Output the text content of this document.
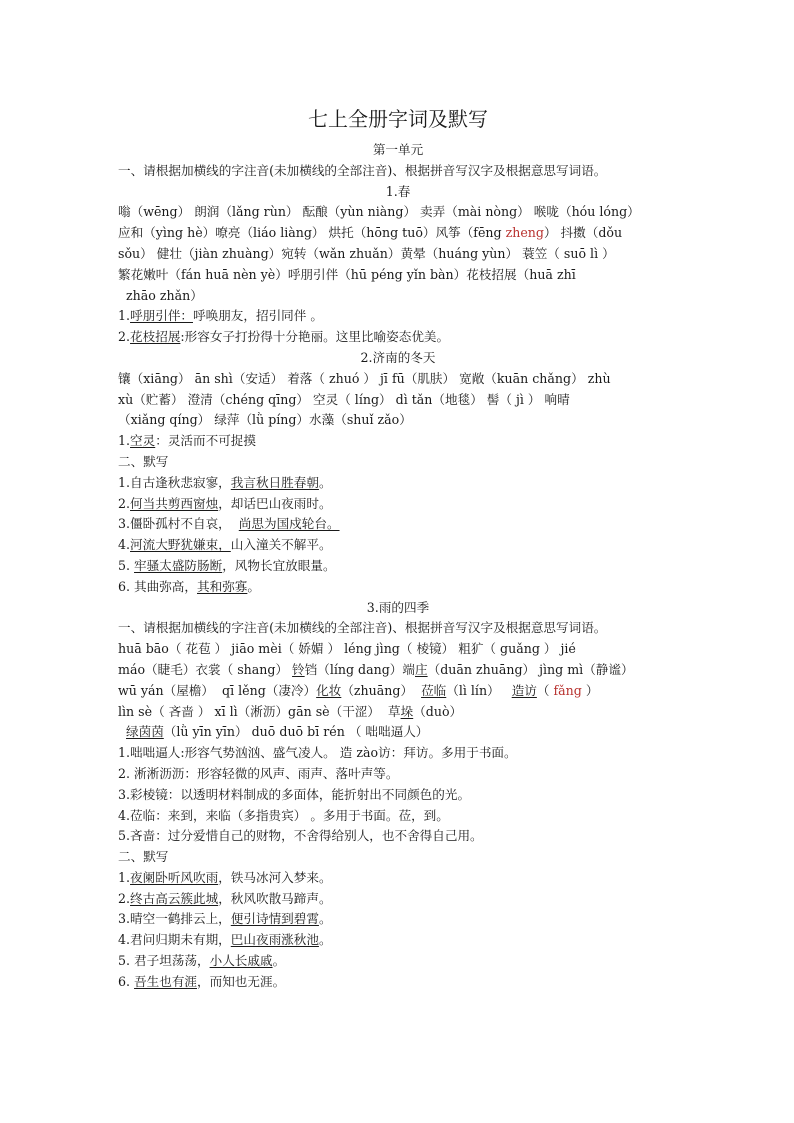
七上全册字词及默写

第一单元

一、请根据加横线的字注音(未加横线的全部注音)、根据拼音写汉字及根据意思写词语。

1.春

嗡（wēng） 朗润（lǎng rùn） 酝酿（yùn niàng） 卖弄（mài nòng） 喉咙（hóu lóng）

应和（yìng hè）嘹亮（liáo liàng） 烘托（hōng tuō）风筝（fēng zheng） 抖擞（dǒu

sǒu） 健壮（jiàn zhuàng）宛转（wǎn zhuǎn）黄晕（huáng yùn） 蓑笠（ suō lì ）

繁花嫩叶（fán huā nèn yè）呼朋引伴（hū péng yǐn bàn）花枝招展（huā zhī

zhāo zhǎn）

1.呼朋引伴：呼唤朋友，招引同伴 。

2.花枝招展:形容女子打扮得十分艳丽。这里比喻姿态优美。

2.济南的冬天

镶（xiāng） ān shì（安适） 着落（ zhuó ） jī fū（肌肤） 宽敞（kuān chǎng） zhù

xù（贮蓄） 澄清（chéng qīng） 空灵（ líng） dì tǎn（地毯） 髻（ jì ） 响晴

（xiǎng qíng） 绿萍（lǜ píng）水藻（shuǐ zǎo）

1.空灵：灵活而不可捉摸

二、默写

1.自古逢秋悲寂寥，我言秋日胜春朝。

2.何当共剪西窗烛，却话巴山夜雨时。

3.僵卧孤村不自哀，  尚思为国戍轮台。

4.河流大野犹嫌束，山入潼关不解平。

5. 牢骚太盛防肠断，风物长宜放眼量。

6. 其曲弥高，其和弥寡。

3.雨的四季

一、请根据加横线的字注音(未加横线的全部注音)、根据拼音写汉字及根据意思写词语。

huā bāo（ 花苞 ） jiāo mèi（ 娇媚 ） léng jìng（ 棱镜） 粗犷（ guǎng ） jié

máo（睫毛）衣裳（ shang） 铃铛（líng dang）端庄（duān zhuāng） jìng mì（静谧）

wū yán（屋檐）  qī lěng（凄冷）化妆（zhuāng）  莅临（lì lín）   造访（ fǎng ）

lìn sè（ 吝啬 ） xī lì（淅沥）gān sè（干涩）  草垛（duò）

绿茵茵（lǜ yīn yīn） duō duō bī rén （ 咄咄逼人）

1.咄咄逼人:形容气势汹汹、盛气凌人。 造 zào访：拜访。多用于书面。

2. 淅淅沥沥：形容轻微的风声、雨声、落叶声等。

3.彩棱镜：以透明材料制成的多面体，能折射出不同颜色的光。

4.莅临：来到，来临（多指贵宾） 。多用于书面。莅，到。

5.吝啬：过分爱惜自己的财物，不舍得给别人，也不舍得自己用。

二、默写

1.夜阑卧听风吹雨，铁马冰河入梦来。

2.终古高云簇此城，秋风吹散马蹄声。

3.晴空一鹤排云上，便引诗情到碧霄。

4.君问归期未有期，巴山夜雨涨秋池。

5. 君子坦荡荡，小人长戚戚。

6. 吾生也有涯，而知也无涯。
